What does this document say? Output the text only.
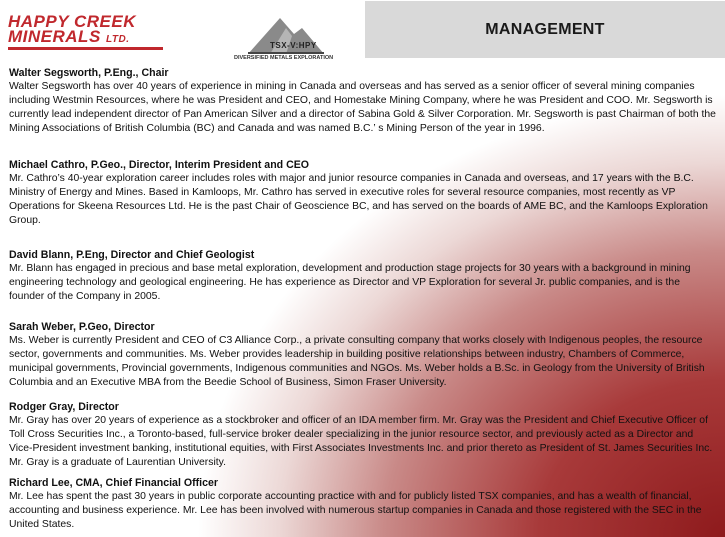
HAPPY CREEK
MINERALS LTD.
TSX-V:HPY
DIVERSIFIED METALS EXPLORATION
MANAGEMENT
Walter Segsworth, P.Eng., Chair

Walter Segsworth has over 40 years of experience in mining in Canada and overseas and has served as a senior officer of several mining companies including Westmin Resources, where he was President and CEO, and Homestake Mining Company, where he was President and COO. Mr. Segsworth is currently lead independent director of Pan American Silver and a director of Sabina Gold & Silver Corporation. Mr. Segsworth is past Chairman of both the Mining Associations of British Columbia (BC) and Canada and was named B.C.’ s Mining Person of the year in 1996.

Michael Cathro, P.Geo., Director, Interim President and CEO

Mr. Cathro’s 40-year exploration career includes roles with major and junior resource companies in Canada and overseas, and 17 years with the B.C. Ministry of Energy and Mines. Based in Kamloops, Mr. Cathro has served in executive roles for several resource companies, most recently as VP Operations for Skeena Resources Ltd. He is the past Chair of Geoscience BC, and has served on the boards of AME BC, and the Kamloops Exploration Group.

David Blann, P.Eng, Director and Chief Geologist

Mr. Blann has engaged in precious and base metal exploration, development and production stage projects for 30 years with a background in mining engineering technology and geological engineering. He has experience as Director and VP Exploration for several Jr. public companies, and is the founder of the Company in 2005.

Sarah Weber, P.Geo, Director

Ms. Weber is currently President and CEO of C3 Alliance Corp., a private consulting company that works closely with Indigenous peoples, the resource sector, governments and communities. Ms. Weber provides leadership in building positive relationships between industry, Chambers of Commerce, municipal governments, Provincial governments, Indigenous communities and NGOs. Ms. Weber holds a B.Sc. in Geology from the University of British Columbia and an Executive MBA from the Beedie School of Business, Simon Fraser University.

Rodger Gray, Director

Mr. Gray has over 20 years of experience as a stockbroker and officer of an IDA member firm. Mr. Gray was the President and Chief Executive Officer of Toll Cross Securities Inc., a Toronto-based, full-service broker dealer specializing in the junior resource sector, and previously acted as a Director and Vice-President investment banking, institutional equities, with First Associates Investments Inc. and prior thereto as President of St. James Securities Inc. Mr. Gray is a graduate of Laurentian University.

Richard Lee, CMA, Chief Financial Officer

Mr. Lee has spent the past 30 years in public corporate accounting practice with and for publicly listed TSX companies, and has a wealth of financial, accounting and business experience. Mr. Lee has been involved with numerous startup companies in Canada and those registered with the SEC in the United States.
